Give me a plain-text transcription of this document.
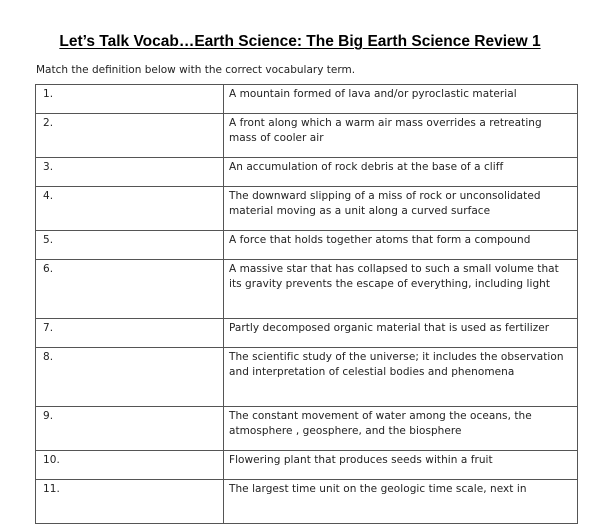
Let’s Talk Vocab…Earth Science: The Big Earth Science Review 1
Match the definition below with the correct vocabulary term.
1.	A mountain formed of lava and/or pyroclastic material
2.	A front along which a warm air mass overrides a retreating mass of cooler air
3.	An accumulation of rock debris at the base of a cliff
4.	The downward slipping of a miss of rock or unconsolidated material moving as a unit along a curved surface
5.	A force that holds together atoms that form a compound
6.	A massive star that has collapsed to such a small volume that its gravity prevents the escape of everything, including light
7.	Partly decomposed organic material that is used as fertilizer
8.	The scientific study of the universe; it includes the observation and interpretation of celestial bodies and phenomena
9.	The constant movement of water among the oceans, the atmosphere , geosphere, and the biosphere
10.	Flowering plant that produces seeds within a fruit
11.	The largest time unit on the geologic time scale, next in
